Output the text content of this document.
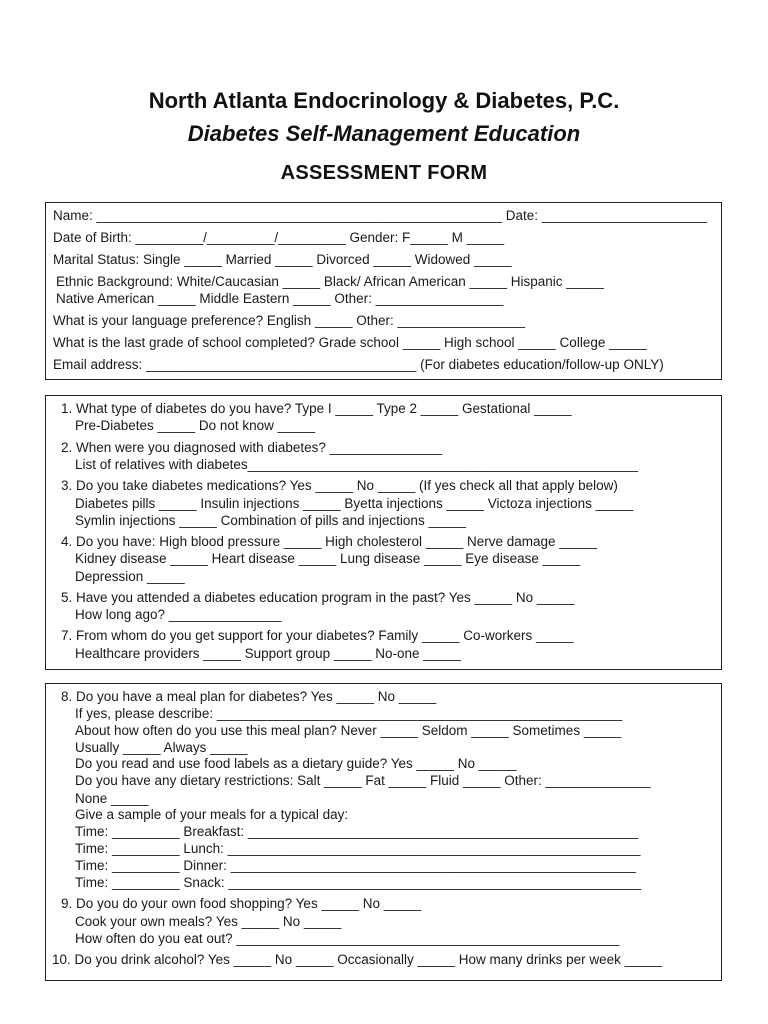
North Atlanta Endocrinology & Diabetes, P.C.
Diabetes Self-Management Education
ASSESSMENT FORM
Name: ______________________________________________________ Date: ______________________
Date of Birth: _________/_________/_________ Gender: F_____ M _____
Marital Status: Single _____ Married _____ Divorced _____ Widowed _____
Ethnic Background: White/Caucasian _____ Black/ African American _____ Hispanic _____
Native American _____ Middle Eastern _____ Other: _________________
What is your language preference? English _____ Other: _________________
What is the last grade of school completed? Grade school _____ High school _____ College _____
Email address: ____________________________________ (For diabetes education/follow-up ONLY)
1. What type of diabetes do you have? Type I _____ Type 2 _____ Gestational _____
Pre-Diabetes _____ Do not know _____
2. When were you diagnosed with diabetes? _______________
List of relatives with diabetes____________________________________________________
3. Do you take diabetes medications? Yes _____ No _____ (If yes check all that apply below)
Diabetes pills _____ Insulin injections _____ Byetta injections _____ Victoza injections _____
Symlin injections _____ Combination of pills and injections _____
4. Do you have: High blood pressure _____ High cholesterol _____ Nerve damage _____
Kidney disease _____ Heart disease _____ Lung disease _____ Eye disease _____
Depression _____
5. Have you attended a diabetes education program in the past? Yes _____ No _____
How long ago? _______________
7. From whom do you get support for your diabetes? Family _____ Co-workers _____
Healthcare providers _____ Support group _____ No-one _____
8. Do you have a meal plan for diabetes? Yes _____ No _____
If yes, please describe: ______________________________________________________
About how often do you use this meal plan? Never _____ Seldom _____ Sometimes _____
Usually _____ Always _____
Do you read and use food labels as a dietary guide? Yes _____ No _____
Do you have any dietary restrictions: Salt _____ Fat _____ Fluid _____ Other: ______________
None _____
Give a sample of your meals for a typical day:
Time: _________ Breakfast: ____________________________________________________
Time: _________ Lunch: _______________________________________________________
Time: _________ Dinner: ______________________________________________________
Time: _________ Snack: _______________________________________________________
9. Do you do your own food shopping? Yes _____ No _____
Cook your own meals? Yes _____ No _____
How often do you eat out? ___________________________________________________
10. Do you drink alcohol? Yes _____ No _____ Occasionally _____ How many drinks per week _____
